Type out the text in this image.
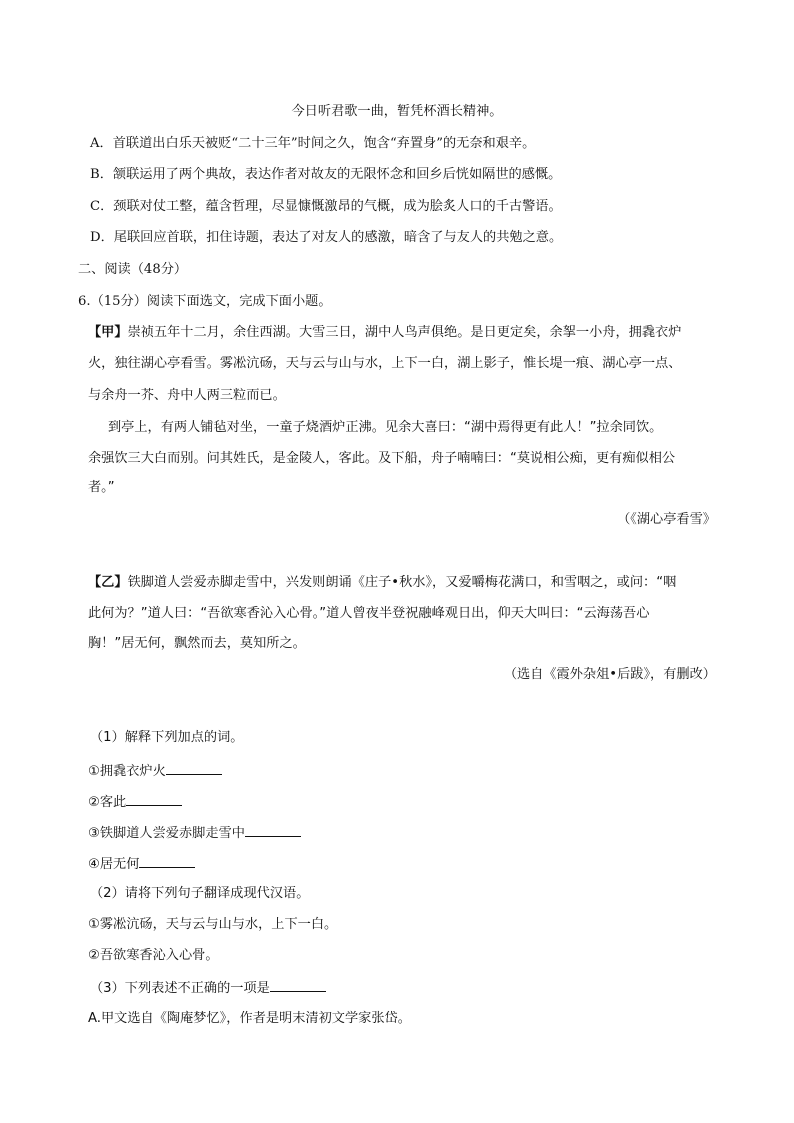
今日听君歌一曲，暂凭杯酒长精神。
A．首联道出白乐天被贬“二十三年”时间之久，饱含“弃置身”的无奈和艰辛。
B．颔联运用了两个典故，表达作者对故友的无限怀念和回乡后恍如隔世的感慨。
C．颈联对仗工整，蕴含哲理，尽显慷慨激昂的气概，成为脍炙人口的千古警语。
D．尾联回应首联，扣住诗题，表达了对友人的感激，暗含了与友人的共勉之意。
二、阅读（48分）
6.（15分）阅读下面选文，完成下面小题。
【甲】崇祯五年十二月，余住西湖。大雪三日，湖中人鸟声俱绝。是日更定矣，余挐一小舟，拥毳衣炉
火，独往湖心亭看雪。雾凇沆砀，天与云与山与水，上下一白，湖上影子，惟长堤一痕、湖心亭一点、
与余舟一芥、舟中人两三粒而已。
到亭上，有两人铺毡对坐，一童子烧酒炉正沸。见余大喜曰：“湖中焉得更有此人！”拉余同饮。
余强饮三大白而别。问其姓氏，是金陵人，客此。及下船，舟子喃喃曰：“莫说相公痴，更有痴似相公
者。”
（《湖心亭看雪》
【乙】铁脚道人尝爱赤脚走雪中，兴发则朗诵《庄子•秋水》，又爱嚼梅花满口，和雪咽之，或问：“咽
此何为？”道人曰：“吾欲寒香沁入心骨。”道人曾夜半登祝融峰观日出，仰天大叫曰：“云海荡吾心
胸！”居无何，飘然而去，莫知所之。
（选自《霞外杂俎•后跋》，有删改）
（1）解释下列加点的词。
①拥毳衣炉火
②客此
③铁脚道人尝爱赤脚走雪中
④居无何
（2）请将下列句子翻译成现代汉语。
①雾凇沆砀，天与云与山与水，上下一白。
②吾欲寒香沁入心骨。
（3）下列表述不正确的一项是
A.甲文选自《陶庵梦忆》，作者是明末清初文学家张岱。
